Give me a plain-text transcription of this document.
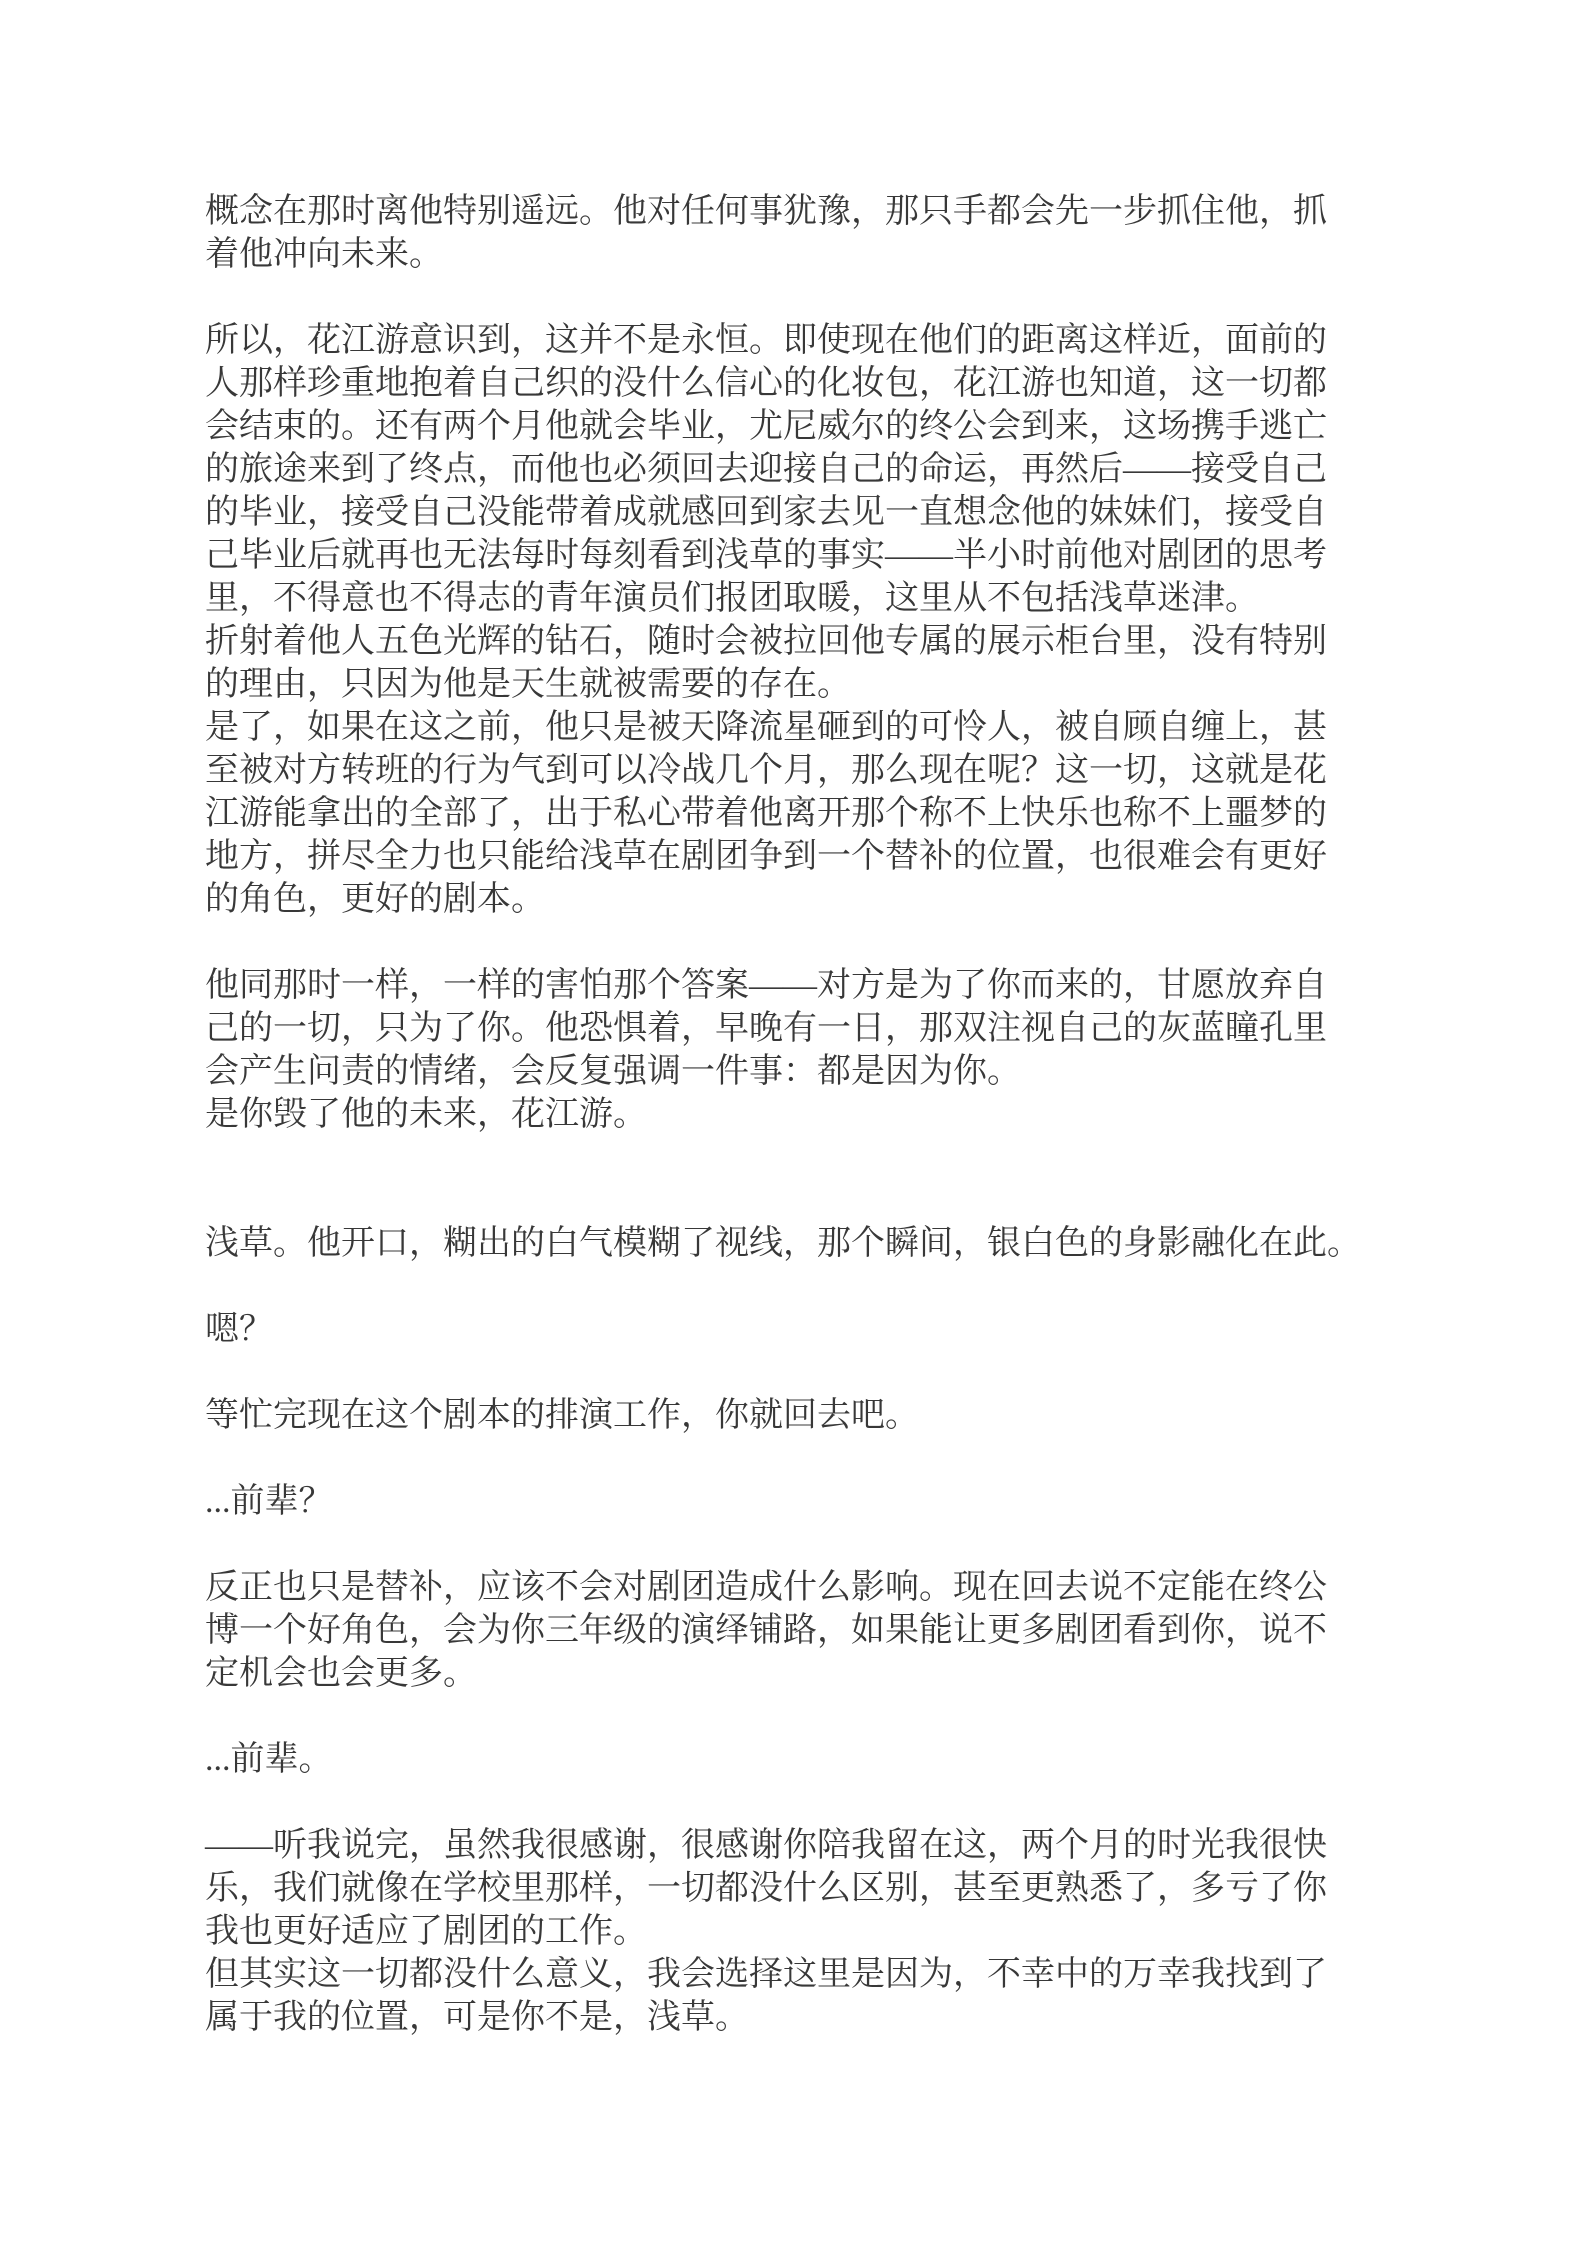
概念在那时离他特别遥远。他对任何事犹豫，那只手都会先一步抓住他，抓
着他冲向未来。

所以，花江游意识到，这并不是永恒。即使现在他们的距离这样近，面前的
人那样珍重地抱着自己织的没什么信心的化妆包，花江游也知道，这一切都
会结束的。还有两个月他就会毕业，尤尼威尔的终公会到来，这场携手逃亡
的旅途来到了终点，而他也必须回去迎接自己的命运，再然后——接受自己
的毕业，接受自己没能带着成就感回到家去见一直想念他的妹妹们，接受自
己毕业后就再也无法每时每刻看到浅草的事实——半小时前他对剧团的思考
里，不得意也不得志的青年演员们报团取暖，这里从不包括浅草迷津。
折射着他人五色光辉的钻石，随时会被拉回他专属的展示柜台里，没有特别
的理由，只因为他是天生就被需要的存在。
是了，如果在这之前，他只是被天降流星砸到的可怜人，被自顾自缠上，甚
至被对方转班的行为气到可以冷战几个月，那么现在呢？这一切，这就是花
江游能拿出的全部了，出于私心带着他离开那个称不上快乐也称不上噩梦的
地方，拼尽全力也只能给浅草在剧团争到一个替补的位置，也很难会有更好
的角色，更好的剧本。

他同那时一样，一样的害怕那个答案——对方是为了你而来的，甘愿放弃自
己的一切，只为了你。他恐惧着，早晚有一日，那双注视自己的灰蓝瞳孔里
会产生问责的情绪，会反复强调一件事：都是因为你。
是你毁了他的未来，花江游。

浅草。他开口，糊出的白气模糊了视线，那个瞬间，银白色的身影融化在此。

嗯？

等忙完现在这个剧本的排演工作，你就回去吧。

...前辈？

反正也只是替补，应该不会对剧团造成什么影响。现在回去说不定能在终公
博一个好角色，会为你三年级的演绎铺路，如果能让更多剧团看到你，说不
定机会也会更多。

...前辈。

——听我说完，虽然我很感谢，很感谢你陪我留在这，两个月的时光我很快
乐，我们就像在学校里那样，一切都没什么区别，甚至更熟悉了，多亏了你
我也更好适应了剧团的工作。
但其实这一切都没什么意义，我会选择这里是因为，不幸中的万幸我找到了
属于我的位置，可是你不是，浅草。
